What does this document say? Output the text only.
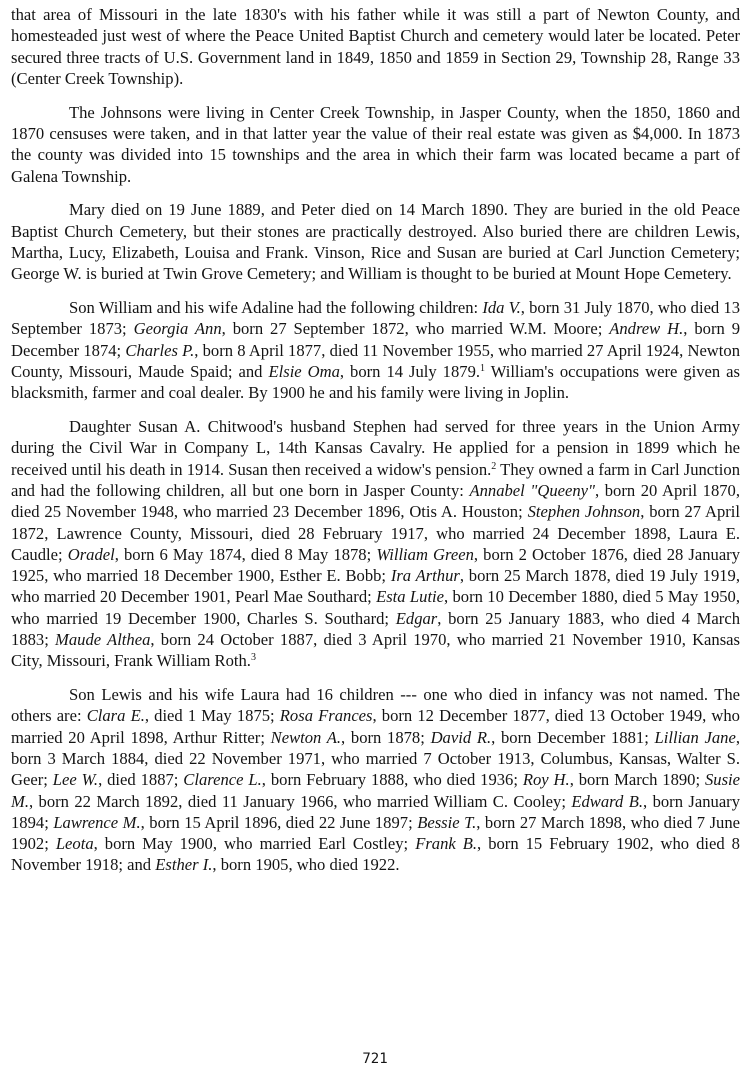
that area of Missouri in the late 1830's with his father while it was still a part of Newton County, and homesteaded just west of where the Peace United Baptist Church and cemetery would later be located. Peter secured three tracts of U.S. Government land in 1849, 1850 and 1859 in Section 29, Township 28, Range 33 (Center Creek Township).

The Johnsons were living in Center Creek Township, in Jasper County, when the 1850, 1860 and 1870 censuses were taken, and in that latter year the value of their real estate was given as $4,000. In 1873 the county was divided into 15 townships and the area in which their farm was located became a part of Galena Township.

Mary died on 19 June 1889, and Peter died on 14 March 1890. They are buried in the old Peace Baptist Church Cemetery, but their stones are practically destroyed. Also buried there are children Lewis, Martha, Lucy, Elizabeth, Louisa and Frank. Vinson, Rice and Susan are buried at Carl Junction Cemetery; George W. is buried at Twin Grove Cemetery; and William is thought to be buried at Mount Hope Cemetery.

Son William and his wife Adaline had the following children: Ida V., born 31 July 1870, who died 13 September 1873; Georgia Ann, born 27 September 1872, who married W.M. Moore; Andrew H., born 9 December 1874; Charles P., born 8 April 1877, died 11 November 1955, who married 27 April 1924, Newton County, Missouri, Maude Spaid; and Elsie Oma, born 14 July 1879.$^1$ William's occupations were given as blacksmith, farmer and coal dealer. By 1900 he and his family were living in Joplin.

Daughter Susan A. Chitwood's husband Stephen had served for three years in the Union Army during the Civil War in Company L, 14th Kansas Cavalry. He applied for a pension in 1899 which he received until his death in 1914. Susan then received a widow's pension.$^2$ They owned a farm in Carl Junction and had the following children, all but one born in Jasper County: Annabel "Queeny", born 20 April 1870, died 25 November 1948, who married 23 December 1896, Otis A. Houston; Stephen Johnson, born 27 April 1872, Lawrence County, Missouri, died 28 February 1917, who married 24 December 1898, Laura E. Caudle; Oradel, born 6 May 1874, died 8 May 1878; William Green, born 2 October 1876, died 28 January 1925, who married 18 December 1900, Esther E. Bobb; Ira Arthur, born 25 March 1878, died 19 July 1919, who married 20 December 1901, Pearl Mae Southard; Esta Lutie, born 10 December 1880, died 5 May 1950, who married 19 December 1900, Charles S. Southard; Edgar, born 25 January 1883, who died 4 March 1883; Maude Althea, born 24 October 1887, died 3 April 1970, who married 21 November 1910, Kansas City, Missouri, Frank William Roth.$^3$

Son Lewis and his wife Laura had 16 children --- one who died in infancy was not named. The others are: Clara E., died 1 May 1875; Rosa Frances, born 12 December 1877, died 13 October 1949, who married 20 April 1898, Arthur Ritter; Newton A., born 1878; David R., born December 1881; Lillian Jane, born 3 March 1884, died 22 November 1971, who married 7 October 1913, Columbus, Kansas, Walter S. Geer; Lee W., died 1887; Clarence L., born February 1888, who died 1936; Roy H., born March 1890; Susie M., born 22 March 1892, died 11 January 1966, who married William C. Cooley; Edward B., born January 1894; Lawrence M., born 15 April 1896, died 22 June 1897; Bessie T., born 27 March 1898, who died 7 June 1902; Leota, born May 1900, who married Earl Costley; Frank B., born 15 February 1902, who died 8 November 1918; and Esther I., born 1905, who died 1922.

721
